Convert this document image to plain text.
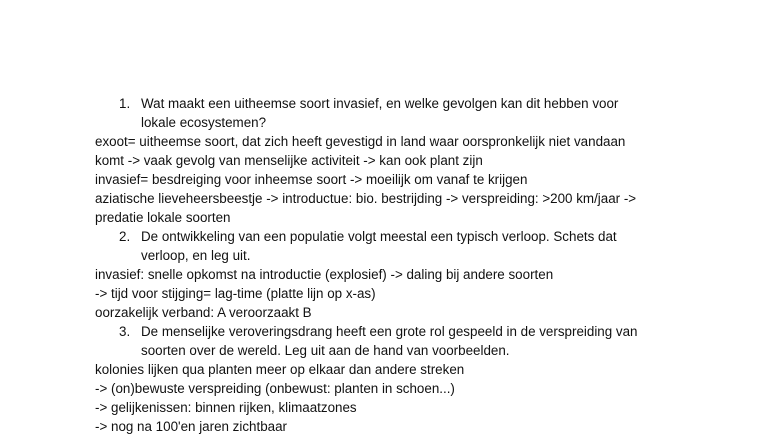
1. Wat maakt een uitheemse soort invasief, en welke gevolgen kan dit hebben voor
lokale ecosystemen?
exoot= uitheemse soort, dat zich heeft gevestigd in land waar oorspronkelijk niet vandaan
komt -> vaak gevolg van menselijke activiteit -> kan ook plant zijn
invasief= besdreiging voor inheemse soort -> moeilijk om vanaf te krijgen
aziatische lieveheersbeestje -> introductue: bio. bestrijding -> verspreiding: >200 km/jaar ->
predatie lokale soorten
2. De ontwikkeling van een populatie volgt meestal een typisch verloop. Schets dat
verloop, en leg uit.
invasief: snelle opkomst na introductie (explosief) -> daling bij andere soorten
-> tijd voor stijging= lag-time (platte lijn op x-as)
oorzakelijk verband: A veroorzaakt B
3. De menselijke veroveringsdrang heeft een grote rol gespeeld in de verspreiding van
soorten over de wereld. Leg uit aan de hand van voorbeelden.
kolonies lijken qua planten meer op elkaar dan andere streken
-> (on)bewuste verspreiding (onbewust: planten in schoen...)
-> gelijkenissen: binnen rijken, klimaatzones
-> nog na 100'en jaren zichtbaar
